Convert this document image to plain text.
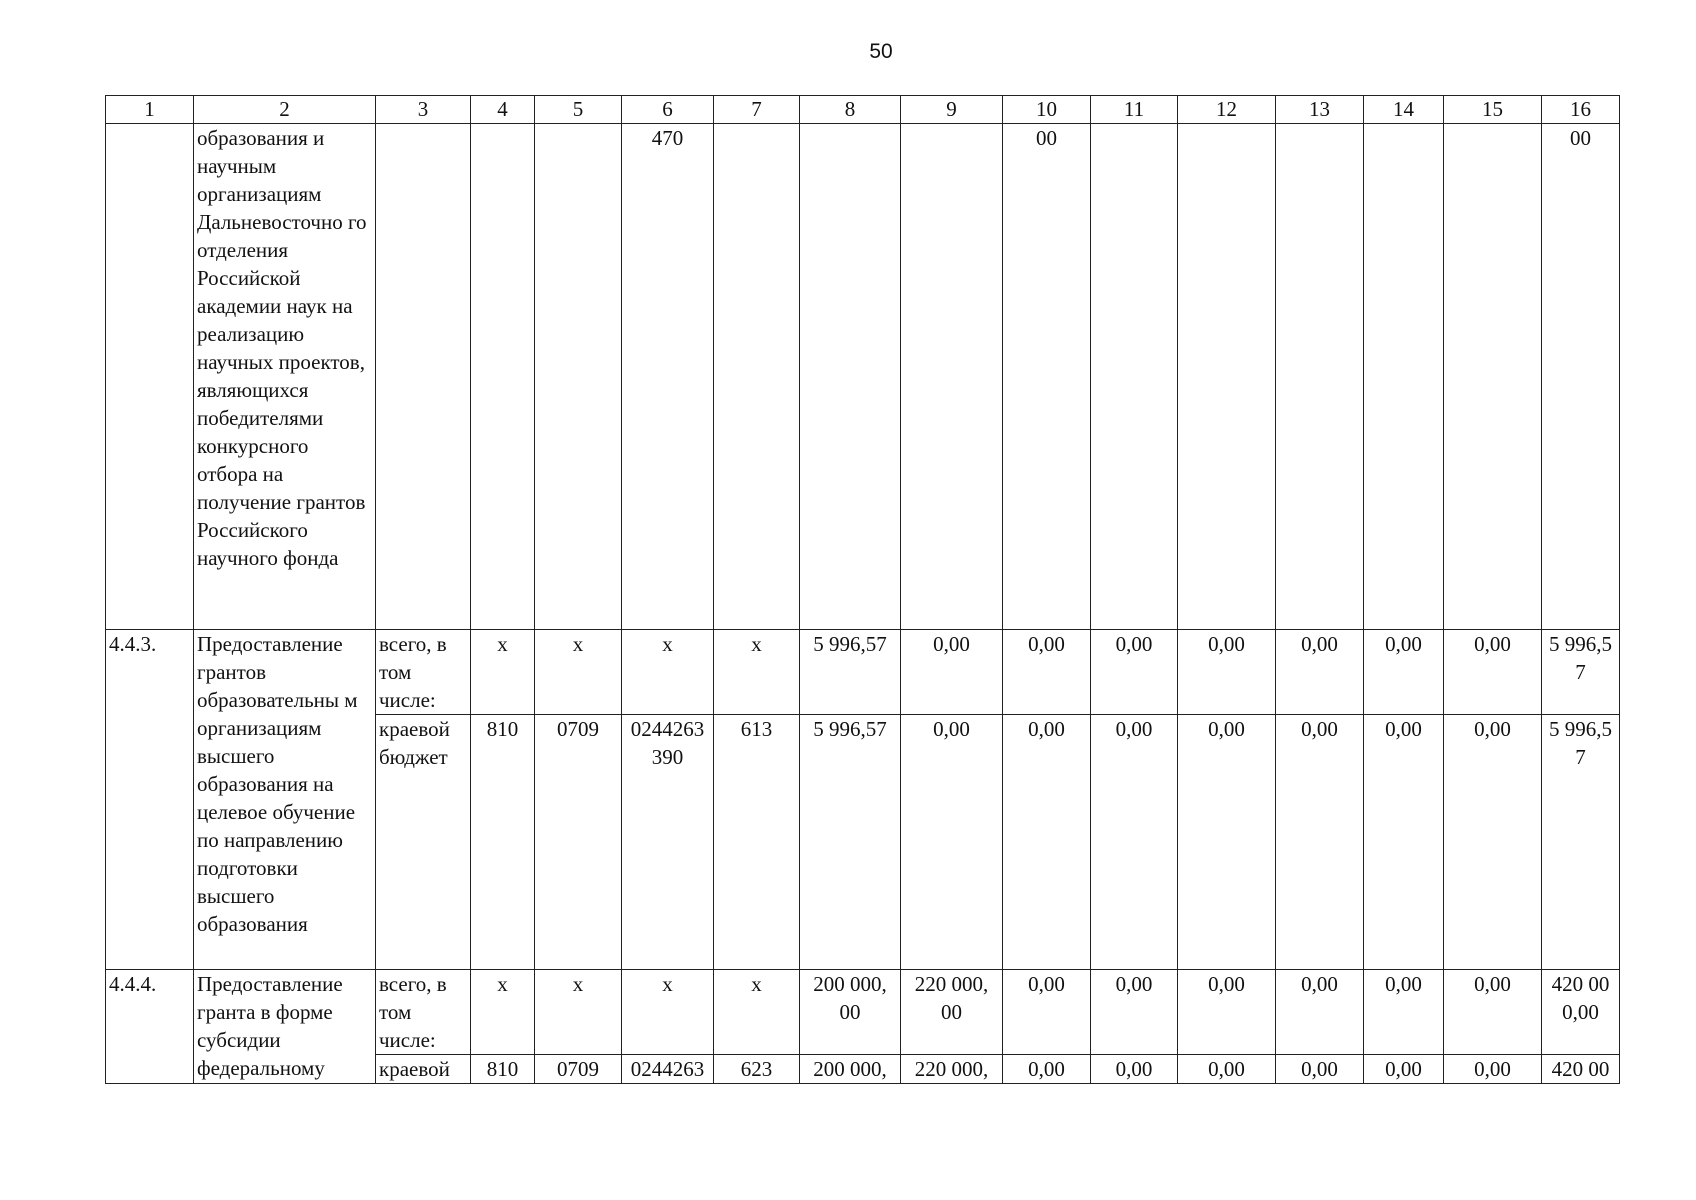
50
1	2	3	4	5	6	7	8	9	10	11	12	13	14	15	16
	образования и научным организациям Дальневосточно го отделения Российской академии наук на реализацию научных проектов, являющихся победителями конкурсного отбора на получение грантов Российского научного фонда				470				00						00
4.4.3.	Предоставление грантов образовательны м организациям высшего образования на целевое обучение по направлению подготовки высшего образования	всего, в том числе:	x	x	x	x	5 996,57	0,00	0,00	0,00	0,00	0,00	0,00	0,00	5 996,5 7
		краевой бюджет	810	0709	0244263 390	613	5 996,57	0,00	0,00	0,00	0,00	0,00	0,00	0,00	5 996,5 7
4.4.4.	Предоставление гранта в форме субсидии федеральному	всего, в том числе:	x	x	x	x	200 000, 00	220 000, 00	0,00	0,00	0,00	0,00	0,00	0,00	420 00 0,00
		краевой	810	0709	0244263	623	200 000,	220 000,	0,00	0,00	0,00	0,00	0,00	0,00	420 00
